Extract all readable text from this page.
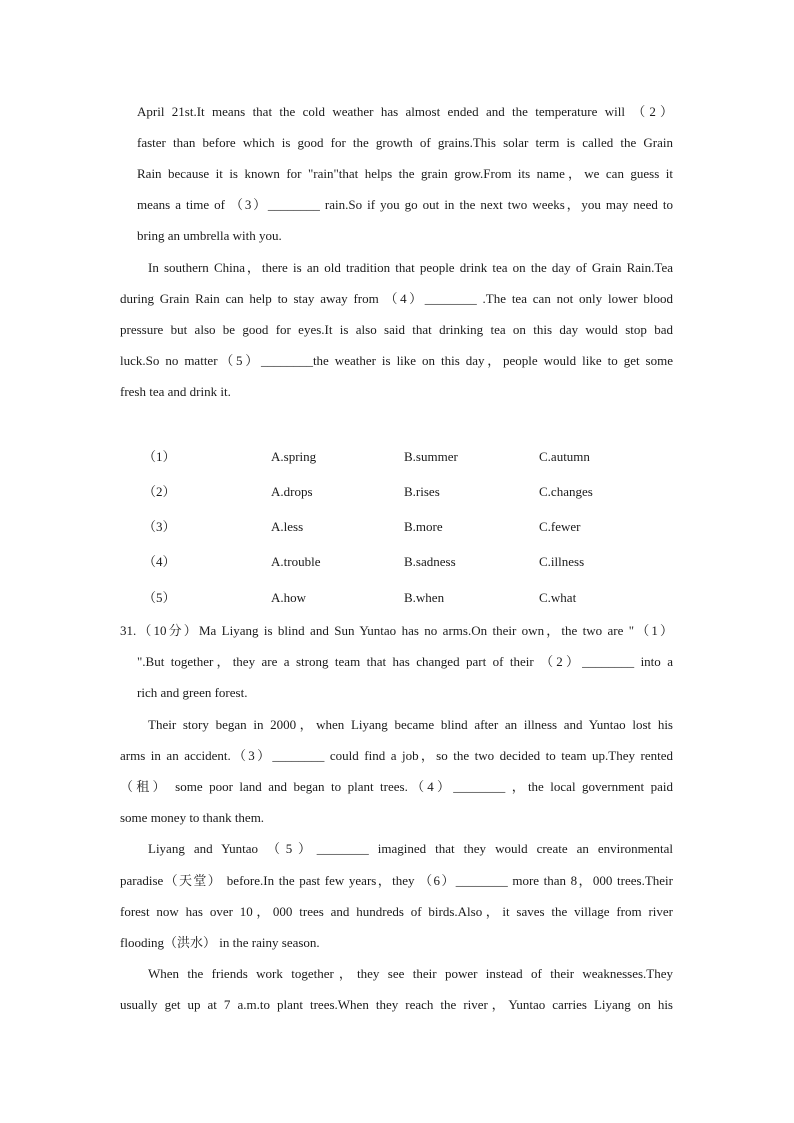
April 21st.It means that the cold weather has almost ended and the temperature will （2）
faster than before which is good for the growth of grains.This solar term is called the Grain
Rain because it is known for "rain"that helps the grain grow.From its name，we can guess it
means a time of （3）________ rain.So if you go out in the next two weeks，you may need to
bring an umbrella with you.
In southern China，there is an old tradition that people drink tea on the day of Grain Rain.Tea
during Grain Rain can help to stay away from （4）________ .The tea can not only lower blood
pressure but also be good for eyes.It is also said that drinking tea on this day would stop bad
luck.So no matter（5）________the weather is like on this day，people would like to get some
fresh tea and drink it.
（1）	A.spring	B.summer	C.autumn
（2）	A.drops	B.rises	C.changes
（3）	A.less	B.more	C.fewer
（4）	A.trouble	B.sadness	C.illness
（5）	A.how	B.when	C.what
31.（10分）Ma Liyang is blind and Sun Yuntao has no arms.On their own，the two are "（1）
".But together，they are a strong team that has changed part of their （2）________ into a
rich and green forest.
Their story began in 2000，when Liyang became blind after an illness and Yuntao lost his
arms in an accident.（3）________ could find a job，so the two decided to team up.They rented
（租） some poor land and began to plant trees.（4）________ ，the local government paid
some money to thank them.
Liyang and Yuntao （5）________ imagined that they would create an environmental
paradise（天堂） before.In the past few years，they （6）________ more than 8，000 trees.Their
forest now has over 10，000 trees and hundreds of birds.Also，it saves the village from river
flooding（洪水） in the rainy season.
When the friends work together，they see their power instead of their weaknesses.They
usually get up at 7 a.m.to plant trees.When they reach the river，Yuntao carries Liyang on his
